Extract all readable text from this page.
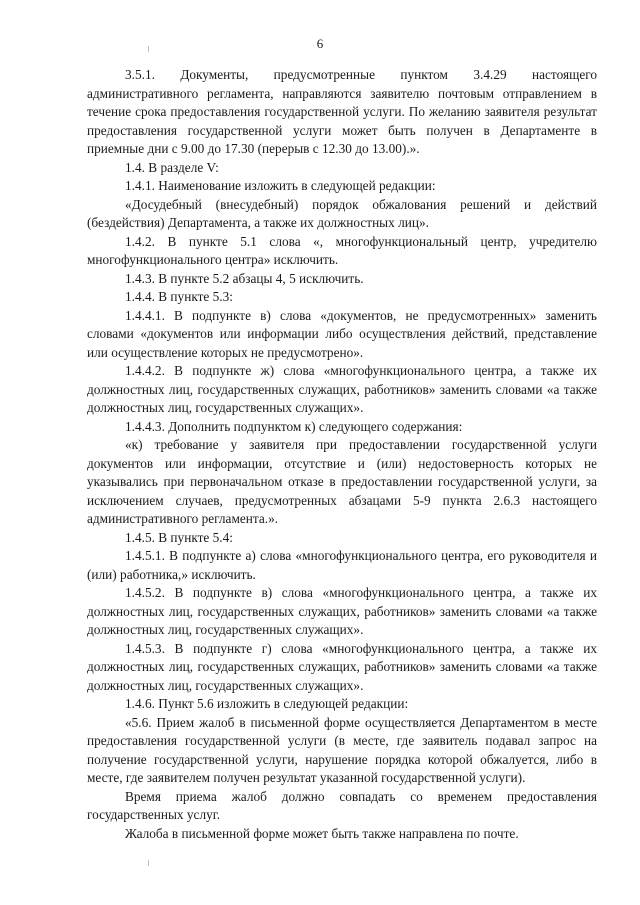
6

3.5.1. Документы, предусмотренные пунктом 3.4.29 настоящего административного регламента, направляются заявителю почтовым отправлением в течение срока предоставления государственной услуги. По желанию заявителя результат предоставления государственной услуги может быть получен в Департаменте в приемные дни с 9.00 до 17.30 (перерыв с 12.30 до 13.00).».

1.4. В разделе V:

1.4.1. Наименование изложить в следующей редакции:

«Досудебный (внесудебный) порядок обжалования решений и действий (бездействия) Департамента, а также их должностных лиц».

1.4.2. В пункте 5.1 слова «, многофункциональный центр, учредителю многофункционального центра» исключить.

1.4.3. В пункте 5.2 абзацы 4, 5 исключить.

1.4.4. В пункте 5.3:

1.4.4.1. В подпункте в) слова «документов, не предусмотренных» заменить словами «документов или информации либо осуществления действий, представление или осуществление которых не предусмотрено».

1.4.4.2. В подпункте ж) слова «многофункционального центра, а также их должностных лиц, государственных служащих, работников» заменить словами «а также должностных лиц, государственных служащих».

1.4.4.3. Дополнить подпунктом к) следующего содержания:

«к) требование у заявителя при предоставлении государственной услуги документов или информации, отсутствие и (или) недостоверность которых не указывались при первоначальном отказе в предоставлении государственной услуги, за исключением случаев, предусмотренных абзацами 5-9 пункта 2.6.3 настоящего административного регламента.».

1.4.5. В пункте 5.4:

1.4.5.1. В подпункте а) слова «многофункционального центра, его руководителя и (или) работника,» исключить.

1.4.5.2. В подпункте в) слова «многофункционального центра, а также их должностных лиц, государственных служащих, работников» заменить словами «а также должностных лиц, государственных служащих».

1.4.5.3. В подпункте г) слова «многофункционального центра, а также их должностных лиц, государственных служащих, работников» заменить словами «а также должностных лиц, государственных служащих».

1.4.6. Пункт 5.6 изложить в следующей редакции:

«5.6. Прием жалоб в письменной форме осуществляется Департаментом в месте предоставления государственной услуги (в месте, где заявитель подавал запрос на получение государственной услуги, нарушение порядка которой обжалуется, либо в месте, где заявителем получен результат указанной государственной услуги).

Время приема жалоб должно совпадать со временем предоставления государственных услуг.

Жалоба в письменной форме может быть также направлена по почте.
